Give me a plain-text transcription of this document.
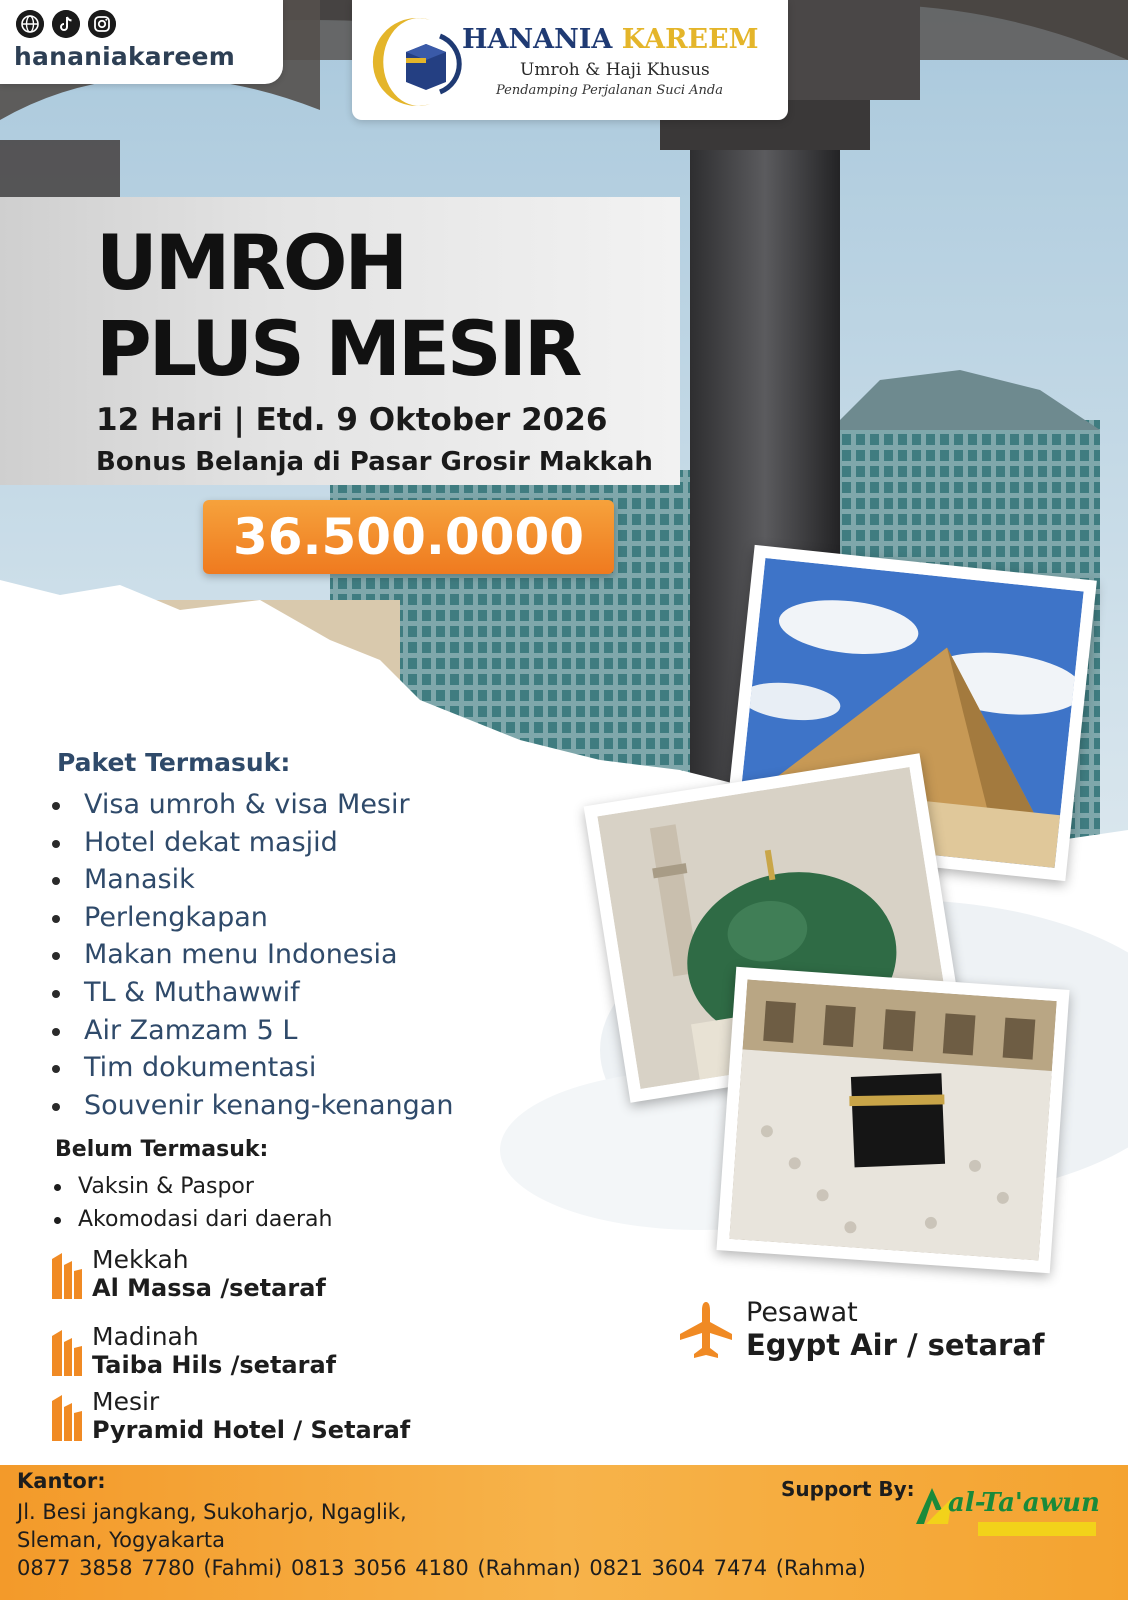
hananiakareem
HANANIA KAREEM
Umroh & Haji Khusus
Pendamping Perjalanan Suci Anda
UMROH
PLUS MESIR
12 Hari | Etd. 9 Oktober 2026
Bonus Belanja di Pasar Grosir Makkah
36.500.0000
Paket Termasuk:
Visa umroh & visa Mesir
Hotel dekat masjid
Manasik
Perlengkapan
Makan menu Indonesia
TL & Muthawwif
Air Zamzam 5 L
Tim dokumentasi
Souvenir kenang-kenangan
Belum Termasuk:
Vaksin & Paspor
Akomodasi dari daerah
Mekkah
Al Massa /setaraf
Madinah
Taiba Hils /setaraf
Mesir
Pyramid Hotel / Setaraf
Pesawat
Egypt Air / setaraf
Kantor:
Jl. Besi jangkang, Sukoharjo, Ngaglik,
Sleman, Yogyakarta
0877 3858 7780 (Fahmi) 0813 3056 4180 (Rahman) 0821 3604 7474 (Rahma)
Support By: al-Ta'awun
